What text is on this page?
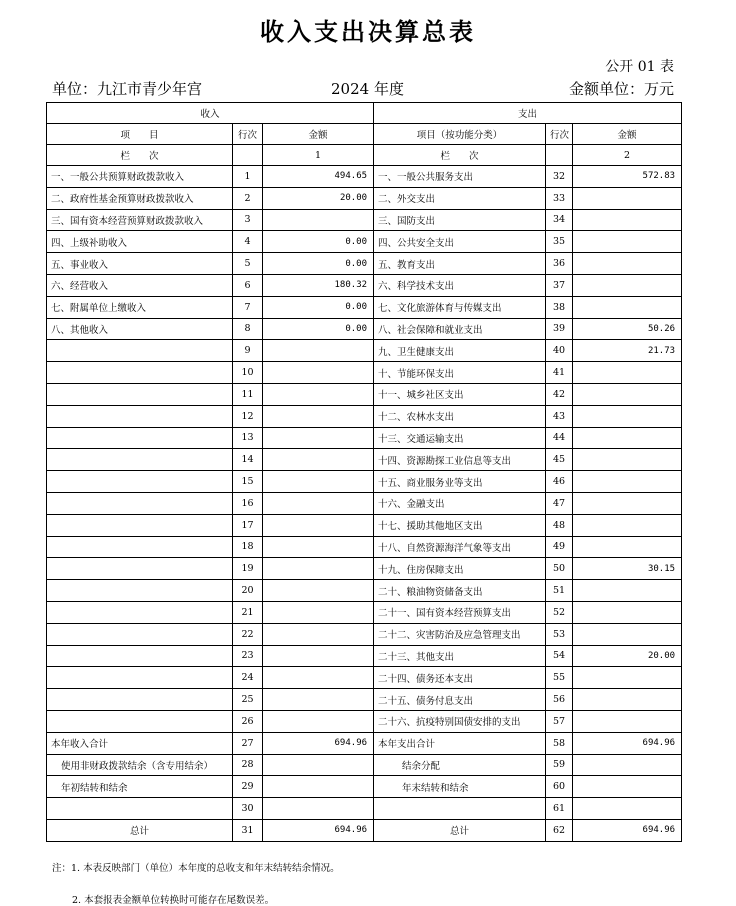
收入支出决算总表
公开 01 表
单位：九江市青少年宫	2024 年度	金额单位：万元
收入			支出		
项　　目	行次	金额	项目（按功能分类）	行次	金额
栏　　次		1	栏　　次		2
一、一般公共预算财政拨款收入	1	494.65	一、一般公共服务支出	32	572.83
二、政府性基金预算财政拨款收入	2	20.00	二、外交支出	33	
三、国有资本经营预算财政拨款收入	3		三、国防支出	34	
四、上级补助收入	4	0.00	四、公共安全支出	35	
五、事业收入	5	0.00	五、教育支出	36	
六、经营收入	6	180.32	六、科学技术支出	37	
七、附属单位上缴收入	7	0.00	七、文化旅游体育与传媒支出	38	
八、其他收入	8	0.00	八、社会保障和就业支出	39	50.26
	9		九、卫生健康支出	40	21.73
	10		十、节能环保支出	41	
	11		十一、城乡社区支出	42	
	12		十二、农林水支出	43	
	13		十三、交通运输支出	44	
	14		十四、资源勘探工业信息等支出	45	
	15		十五、商业服务业等支出	46	
	16		十六、金融支出	47	
	17		十七、援助其他地区支出	48	
	18		十八、自然资源海洋气象等支出	49	
	19		十九、住房保障支出	50	30.15
	20		二十、粮油物资储备支出	51	
	21		二十一、国有资本经营预算支出	52	
	22		二十二、灾害防治及应急管理支出	53	
	23		二十三、其他支出	54	20.00
	24		二十四、债务还本支出	55	
	25		二十五、债务付息支出	56	
	26		二十六、抗疫特别国债安排的支出	57	
本年收入合计	27	694.96	本年支出合计	58	694.96
使用非财政拨款结余（含专用结余）	28		结余分配	59	
年初结转和结余	29		年末结转和结余	60	
	30			61	
总计	31	694.96	总计	62	694.96
注：1. 本表反映部门（单位）本年度的总收支和年末结转结余情况。
2. 本套报表金额单位转换时可能存在尾数误差。
